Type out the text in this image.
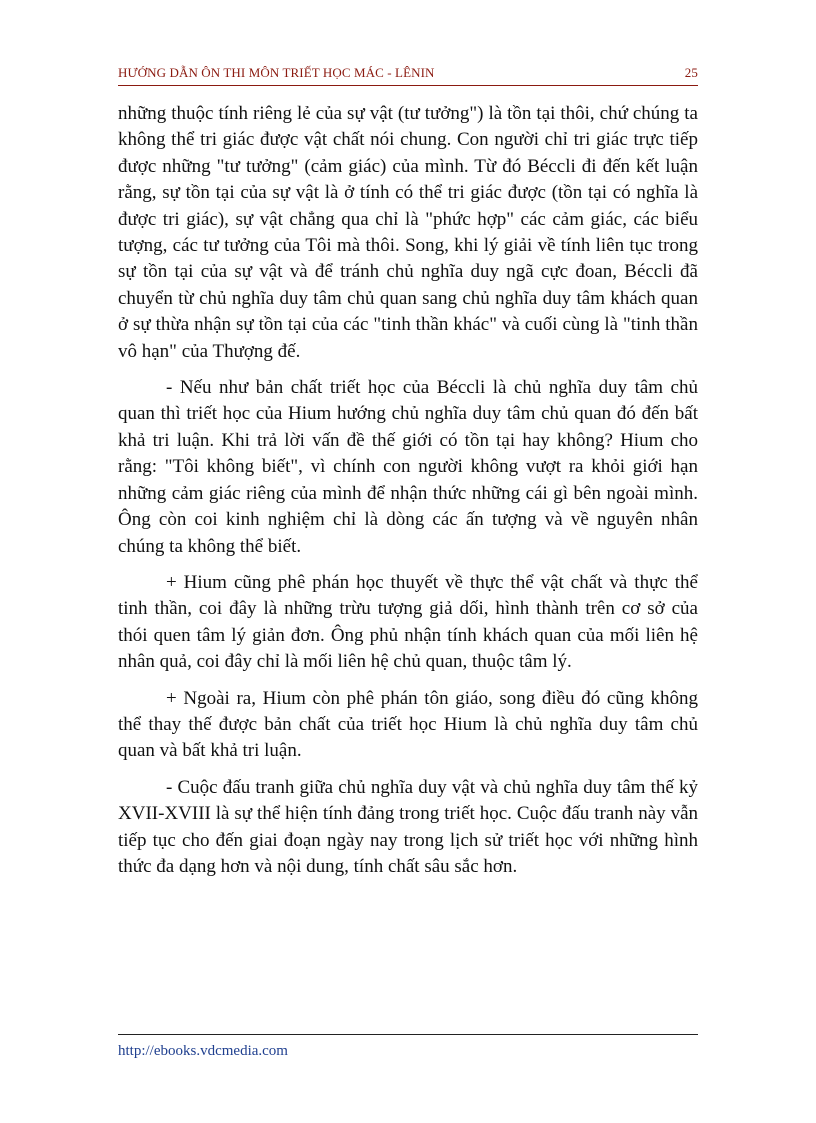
HƯỚNG DẪN ÔN THI MÔN TRIẾT HỌC MÁC - LÊNIN	25

những thuộc tính riêng lẻ của sự vật (tư tưởng") là tồn tại thôi, chứ chúng ta không thể tri giác được vật chất nói chung. Con người chỉ tri giác trực tiếp được những "tư tưởng" (cảm giác) của mình. Từ đó Béccli đi đến kết luận rằng, sự tồn tại của sự vật là ở tính có thể tri giác được (tồn tại có nghĩa là được tri giác), sự vật chẳng qua chỉ là "phức hợp" các cảm giác, các biểu tượng, các tư tưởng của Tôi mà thôi. Song, khi lý giải về tính liên tục trong sự tồn tại của sự vật và để tránh chủ nghĩa duy ngã cực đoan, Béccli đã chuyển từ chủ nghĩa duy tâm chủ quan sang chủ nghĩa duy tâm khách quan ở sự thừa nhận sự tồn tại của các "tinh thần khác" và cuối cùng là "tinh thần vô hạn" của Thượng đế.

- Nếu như bản chất triết học của Béccli là chủ nghĩa duy tâm chủ quan thì triết học của Hium hướng chủ nghĩa duy tâm chủ quan đó đến bất khả tri luận. Khi trả lời vấn đề thế giới có tồn tại hay không? Hium cho rằng: "Tôi không biết", vì chính con người không vượt ra khỏi giới hạn những cảm giác riêng của mình để nhận thức những cái gì bên ngoài mình. Ông còn coi kinh nghiệm chỉ là dòng các ấn tượng và về nguyên nhân chúng ta không thể biết.

+ Hium cũng phê phán học thuyết về thực thể vật chất và thực thể tinh thần, coi đây là những trừu tượng giả dối, hình thành trên cơ sở của thói quen tâm lý giản đơn. Ông phủ nhận tính khách quan của mối liên hệ nhân quả, coi đây chỉ là mối liên hệ chủ quan, thuộc tâm lý.

+ Ngoài ra, Hium còn phê phán tôn giáo, song điều đó cũng không thể thay thế được bản chất của triết học Hium là chủ nghĩa duy tâm chủ quan và bất khả tri luận.

- Cuộc đấu tranh giữa chủ nghĩa duy vật và chủ nghĩa duy tâm thế kỷ XVII-XVIII là sự thể hiện tính đảng trong triết học. Cuộc đấu tranh này vẫn tiếp tục cho đến giai đoạn ngày nay trong lịch sử triết học với những hình thức đa dạng hơn và nội dung, tính chất sâu sắc hơn.

http://ebooks.vdcmedia.com
